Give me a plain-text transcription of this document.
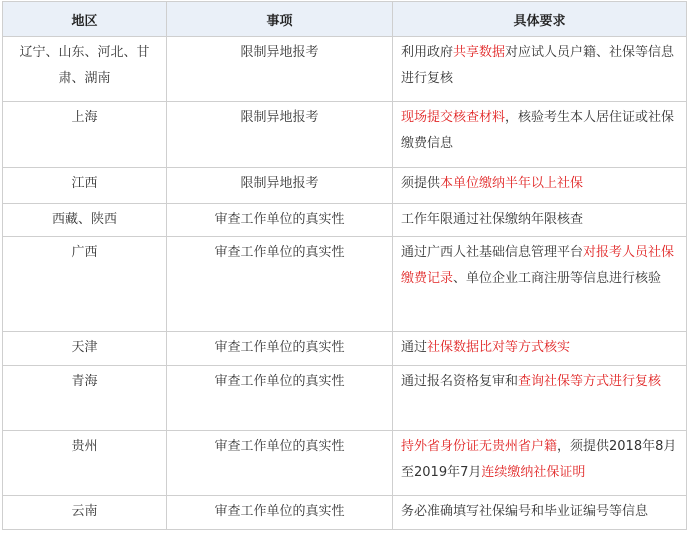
地区	事项	具体要求
辽宁、山东、河北、甘肃、湖南	限制异地报考	利用政府共享数据对应试人员户籍、社保等信息进行复核
上海	限制异地报考	现场提交核查材料，核验考生本人居住证或社保缴费信息
江西	限制异地报考	须提供本单位缴纳半年以上社保
西藏、陕西	审查工作单位的真实性	工作年限通过社保缴纳年限核查
广西	审查工作单位的真实性	通过广西人社基础信息管理平台对报考人员社保缴费记录、单位企业工商注册等信息进行核验
天津	审查工作单位的真实性	通过社保数据比对等方式核实
青海	审查工作单位的真实性	通过报名资格复审和查询社保等方式进行复核
贵州	审查工作单位的真实性	持外省身份证无贵州省户籍，须提供2018年8月至2019年7月连续缴纳社保证明
云南	审查工作单位的真实性	务必准确填写社保编号和毕业证编号等信息
